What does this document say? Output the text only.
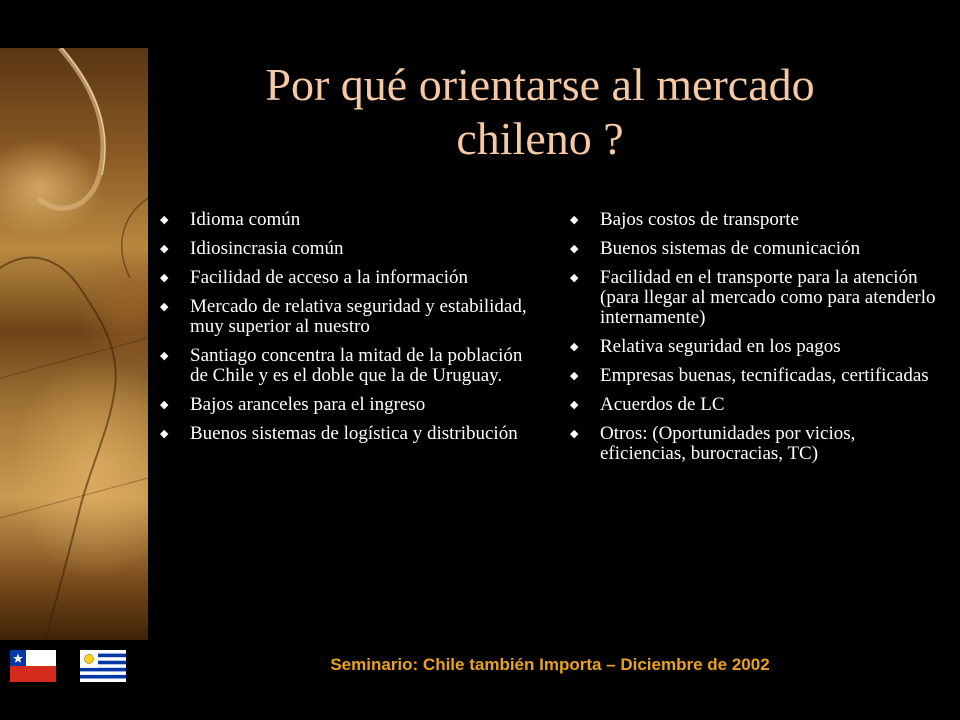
Por qué orientarse al mercado
chileno ?
◆ Idioma común
◆ Idiosincrasia común
◆ Facilidad de acceso a la información
◆ Mercado de relativa seguridad y estabilidad, muy superior al nuestro
◆ Santiago concentra la mitad de la población de Chile y es el doble que la de Uruguay.
◆ Bajos aranceles para el ingreso
◆ Buenos sistemas de logística y distribución
◆ Bajos costos de transporte
◆ Buenos sistemas de comunicación
◆ Facilidad en el transporte para la atención (para llegar al mercado como para atenderlo internamente)
◆ Relativa seguridad en los pagos
◆ Empresas buenas, tecnificadas, certificadas
◆ Acuerdos de LC
◆ Otros: (Oportunidades por vicios, eficiencias, burocracias, TC)
Seminario: Chile también Importa – Diciembre de 2002
